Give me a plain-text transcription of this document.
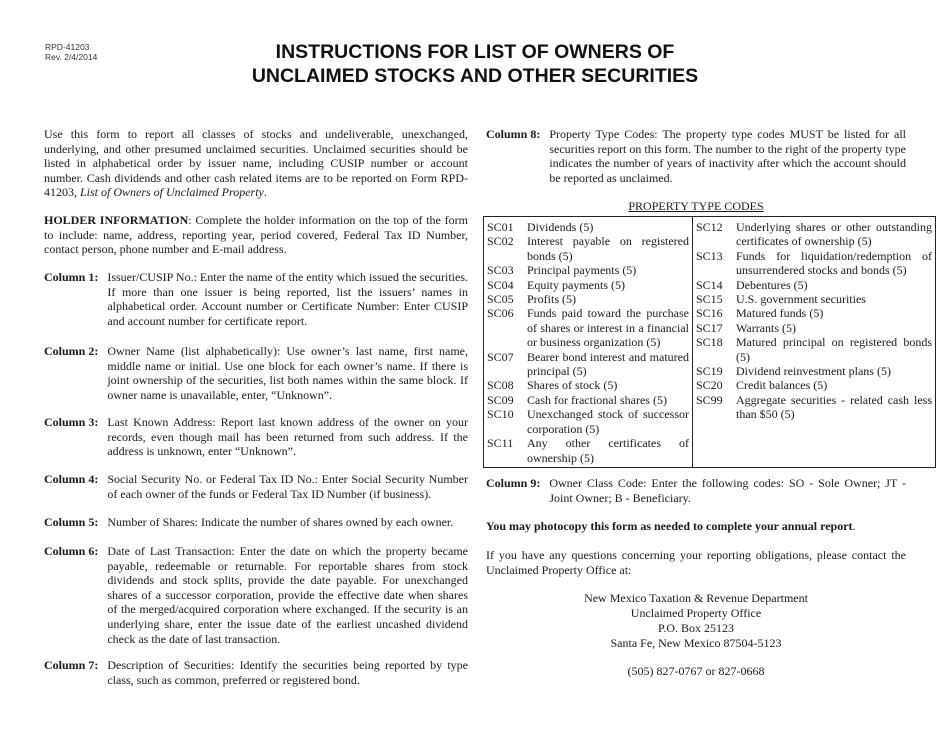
RPD-41203
Rev. 2/4/2014	INSTRUCTIONS FOR LIST OF OWNERS OF
UNCLAIMED STOCKS AND OTHER SECURITIES

Use this form to report all classes of stocks and undeliverable, unexchanged, underlying, and other presumed unclaimed securities. Unclaimed securities should be listed in alphabetical order by issuer name, including CUSIP number or account number. Cash dividends and other cash related items are to be reported on Form RPD-41203, List of Owners of Unclaimed Property.

HOLDER INFORMATION: Complete the holder information on the top of the form to include: name, address, reporting year, period covered, Federal Tax ID Number, contact person, phone number and E-mail address.

Column 1: Issuer/CUSIP No.: Enter the name of the entity which issued the securities. If more than one issuer is being reported, list the issuers’ names in alphabetical order. Account number or Certificate Number: Enter CUSIP and account number for certificate report.
Column 2: Owner Name (list alphabetically): Use owner’s last name, first name, middle name or initial. Use one block for each owner’s name. If there is joint ownership of the securities, list both names within the same block. If owner name is unavailable, enter, “Unknown”.
Column 3: Last Known Address: Report last known address of the owner on your records, even though mail has been returned from such address. If the address is unknown, enter “Unknown”.
Column 4: Social Security No. or Federal Tax ID No.: Enter Social Security Number of each owner of the funds or Federal Tax ID Number (if business).
Column 5: Number of Shares: Indicate the number of shares owned by each owner.
Column 6: Date of Last Transaction: Enter the date on which the property became payable, redeemable or returnable. For reportable shares from stock dividends and stock splits, provide the date payable. For unexchanged shares of a successor corporation, provide the effective date when shares of the merged/acquired corporation where exchanged. If the security is an underlying share, enter the issue date of the earliest uncashed dividend check as the date of last transaction.
Column 7: Description of Securities: Identify the securities being reported by type class, such as common, preferred or registered bond.
Column 8: Property Type Codes: The property type codes MUST be listed for all securities report on this form. The number to the right of the property type indicates the number of years of inactivity after which the account should be reported as unclaimed.
PROPERTY TYPE CODES
SC01	Dividends (5)
SC02	Interest payable on registered bonds (5)
SC03	Principal payments (5)
SC04	Equity payments (5)
SC05	Profits (5)
SC06	Funds paid toward the purchase of shares or interest in a financial or business organization (5)
SC07	Bearer bond interest and matured principal (5)
SC08	Shares of stock (5)
SC09	Cash for fractional shares (5)
SC10	Unexchanged stock of successor corporation (5)
SC11	Any other certificates of ownership (5)
SC12	Underlying shares or other outstanding certificates of ownership (5)
SC13	Funds for liquidation/redemption of unsurrendered stocks and bonds (5)
SC14	Debentures (5)
SC15	U.S. government securities
SC16	Matured funds (5)
SC17	Warrants (5)
SC18	Matured principal on registered bonds (5)
SC19	Dividend reinvestment plans (5)
SC20	Credit balances (5)
SC99	Aggregate securities - related cash less than $50 (5)
Column 9: Owner Class Code: Enter the following codes: SO - Sole Owner; JT - Joint Owner; B - Beneficiary.

You may photocopy this form as needed to complete your annual report.

If you have any questions concerning your reporting obligations, please contact the Unclaimed Property Office at:

New Mexico Taxation & Revenue Department
Unclaimed Property Office
P.O. Box 25123
Santa Fe, New Mexico 87504-5123
(505) 827-0767 or 827-0668
